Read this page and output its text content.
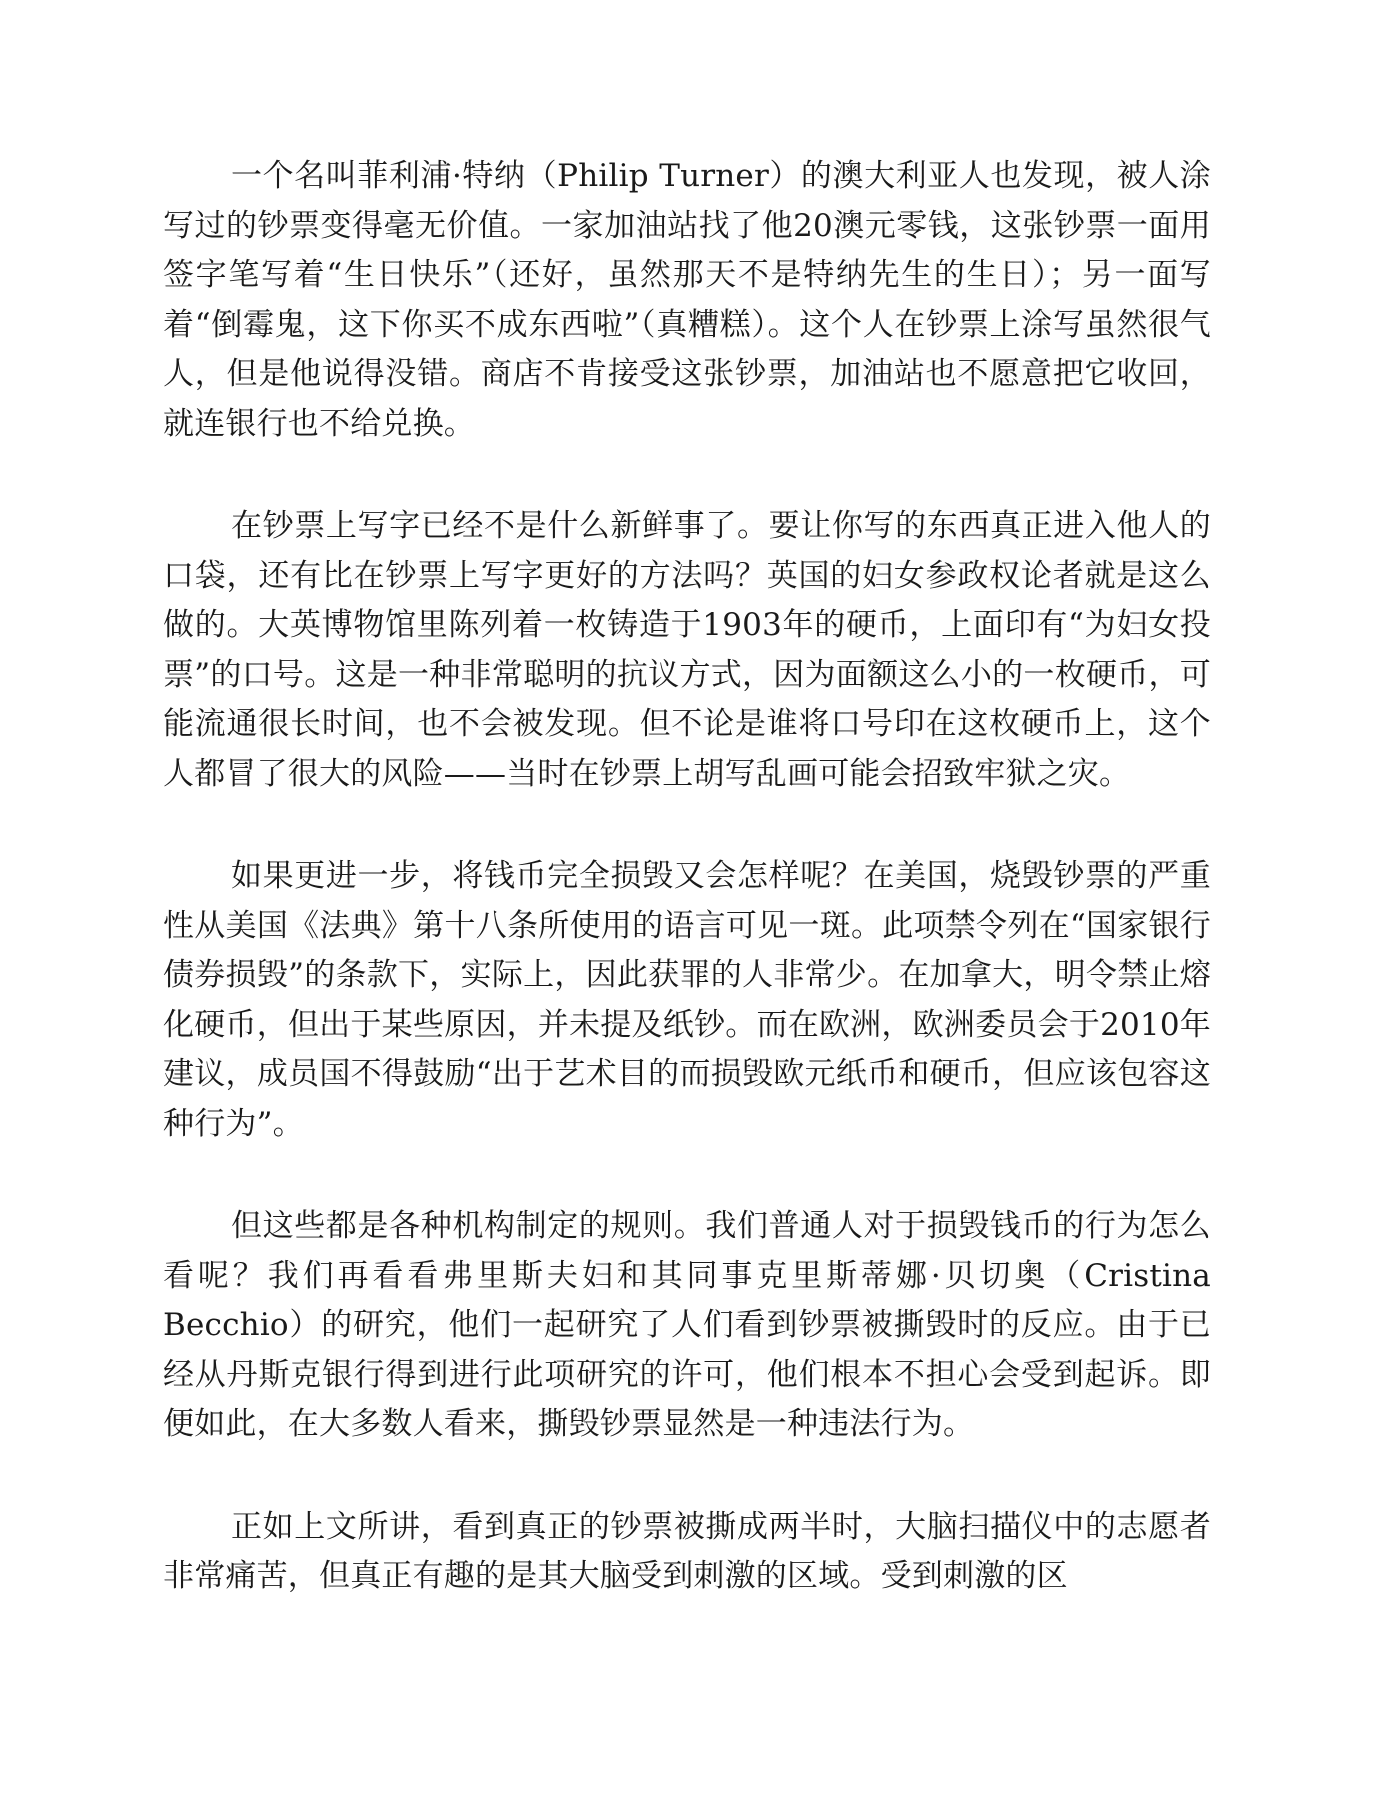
一个名叫菲利浦·特纳（Philip Turner）的澳大利亚人也发现，被人涂写过的钞票变得毫无价值。一家加油站找了他20澳元零钱，这张钞票一面用签字笔写着“生日快乐”（还好，虽然那天不是特纳先生的生日）；另一面写着“倒霉鬼，这下你买不成东西啦”（真糟糕）。这个人在钞票上涂写虽然很气人，但是他说得没错。商店不肯接受这张钞票，加油站也不愿意把它收回，就连银行也不给兑换。

在钞票上写字已经不是什么新鲜事了。要让你写的东西真正进入他人的口袋，还有比在钞票上写字更好的方法吗？英国的妇女参政权论者就是这么做的。大英博物馆里陈列着一枚铸造于1903年的硬币，上面印有“为妇女投票”的口号。这是一种非常聪明的抗议方式，因为面额这么小的一枚硬币，可能流通很长时间，也不会被发现。但不论是谁将口号印在这枚硬币上，这个人都冒了很大的风险——当时在钞票上胡写乱画可能会招致牢狱之灾。

如果更进一步，将钱币完全损毁又会怎样呢？在美国，烧毁钞票的严重性从美国《法典》第十八条所使用的语言可见一斑。此项禁令列在“国家银行债券损毁”的条款下，实际上，因此获罪的人非常少。在加拿大，明令禁止熔化硬币，但出于某些原因，并未提及纸钞。而在欧洲，欧洲委员会于2010年建议，成员国不得鼓励“出于艺术目的而损毁欧元纸币和硬币，但应该包容这种行为”。

但这些都是各种机构制定的规则。我们普通人对于损毁钱币的行为怎么看呢？我们再看看弗里斯夫妇和其同事克里斯蒂娜·贝切奥（Cristina Becchio）的研究，他们一起研究了人们看到钞票被撕毁时的反应。由于已经从丹斯克银行得到进行此项研究的许可，他们根本不担心会受到起诉。即便如此，在大多数人看来，撕毁钞票显然是一种违法行为。

正如上文所讲，看到真正的钞票被撕成两半时，大脑扫描仪中的志愿者非常痛苦，但真正有趣的是其大脑受到刺激的区域。受到刺激的区
